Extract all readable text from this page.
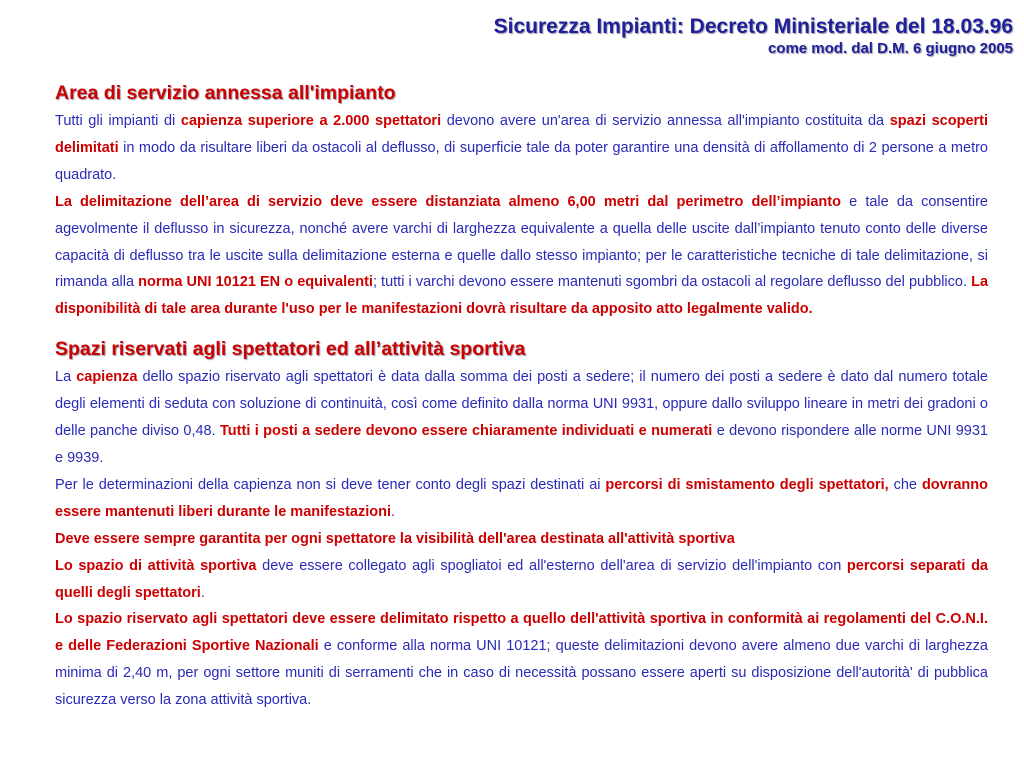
Sicurezza Impianti: Decreto Ministeriale del 18.03.96
come mod. dal D.M. 6 giugno 2005
Area di servizio annessa all'impianto

Tutti gli impianti di capienza superiore a 2.000 spettatori devono avere un'area di servizio annessa all'impianto costituita da spazi scoperti delimitati in modo da risultare liberi da ostacoli al deflusso, di superficie tale da poter garantire una densità di affollamento di 2 persone a metro quadrato.

La delimitazione dell’area di servizio deve essere distanziata almeno 6,00 metri dal perimetro dell’impianto e tale da consentire agevolmente il deflusso in sicurezza, nonché avere varchi di larghezza equivalente a quella delle uscite dall’impianto tenuto conto delle diverse capacità di deflusso tra le uscite sulla delimitazione esterna e quelle dallo stesso impianto; per le caratteristiche tecniche di tale delimitazione, si rimanda alla norma UNI 10121 EN o equivalenti; tutti i varchi devono essere mantenuti sgombri da ostacoli al regolare deflusso del pubblico. La disponibilità di tale area durante l'uso per le manifestazioni dovrà risultare da apposito atto legalmente valido.

Spazi riservati agli spettatori ed all’attività sportiva

La capienza dello spazio riservato agli spettatori è data dalla somma dei posti a sedere; il numero dei posti a sedere è dato dal numero totale degli elementi di seduta con soluzione di continuità, così come definito dalla norma UNI 9931, oppure dallo sviluppo lineare in metri dei gradoni o delle panche diviso 0,48. Tutti i posti a sedere devono essere chiaramente individuati e numerati e devono rispondere alle norme UNI 9931 e 9939.

Per le determinazioni della capienza non si deve tener conto degli spazi destinati ai percorsi di smistamento degli spettatori, che dovranno essere mantenuti liberi durante le manifestazioni.

Deve essere sempre garantita per ogni spettatore la visibilità dell'area destinata all'attività sportiva

Lo spazio di attività sportiva deve essere collegato agli spogliatoi ed all'esterno dell'area di servizio dell'impianto con percorsi separati da quelli degli spettatori.

Lo spazio riservato agli spettatori deve essere delimitato rispetto a quello dell'attività sportiva in conformità ai regolamenti del C.O.N.I. e delle Federazioni Sportive Nazionali e conforme alla norma UNI 10121; queste delimitazioni devono avere almeno due varchi di larghezza minima di 2,40 m, per ogni settore muniti di serramenti che in caso di necessità possano essere aperti su disposizione dell'autorità' di pubblica sicurezza verso la zona attività sportiva.
